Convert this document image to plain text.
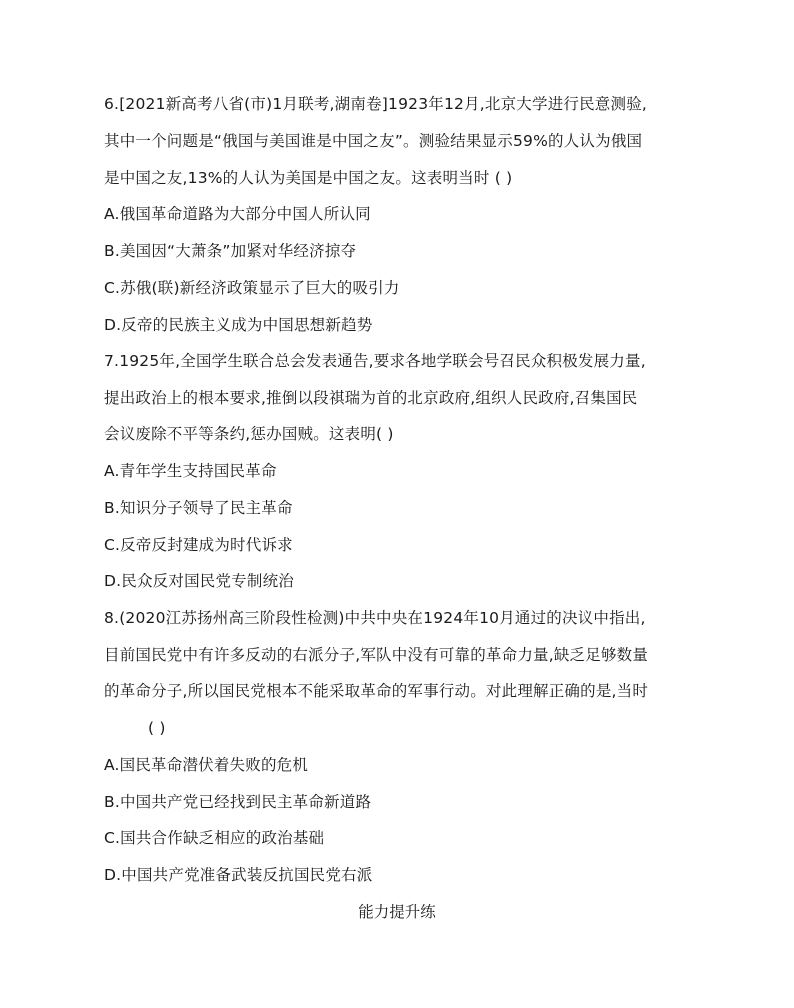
6.[2021新高考八省(市)1月联考,湖南卷]1923年12月,北京大学进行民意测验,
其中一个问题是“俄国与美国谁是中国之友”。测验结果显示59%的人认为俄国
是中国之友,13%的人认为美国是中国之友。这表明当时 ( )
A.俄国革命道路为大部分中国人所认同
B.美国因“大萧条”加紧对华经济掠夺
C.苏俄(联)新经济政策显示了巨大的吸引力
D.反帝的民族主义成为中国思想新趋势
7.1925年,全国学生联合总会发表通告,要求各地学联会号召民众积极发展力量,
提出政治上的根本要求,推倒以段祺瑞为首的北京政府,组织人民政府,召集国民
会议废除不平等条约,惩办国贼。这表明( )
A.青年学生支持国民革命
B.知识分子领导了民主革命
C.反帝反封建成为时代诉求
D.民众反对国民党专制统治
8.(2020江苏扬州高三阶段性检测)中共中央在1924年10月通过的决议中指出,
目前国民党中有许多反动的右派分子,军队中没有可靠的革命力量,缺乏足够数量
的革命分子,所以国民党根本不能采取革命的军事行动。对此理解正确的是,当时
( )
A.国民革命潜伏着失败的危机
B.中国共产党已经找到民主革命新道路
C.国共合作缺乏相应的政治基础
D.中国共产党准备武装反抗国民党右派
能力提升练
